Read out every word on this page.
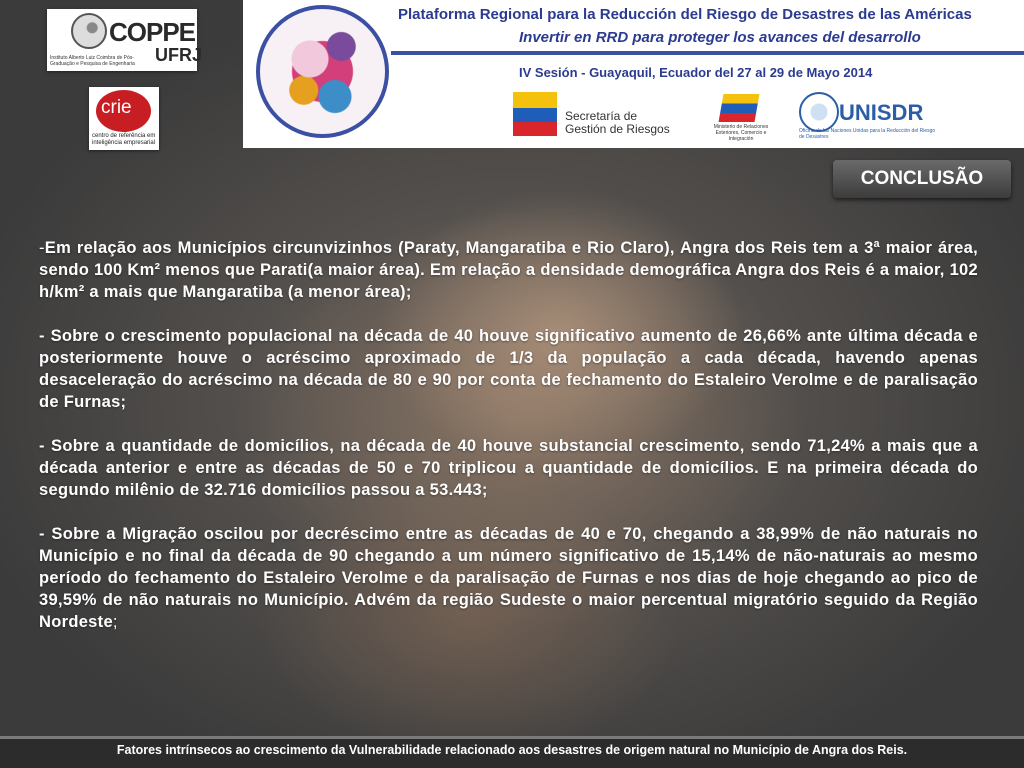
COPPE
UFRJ
Instituto Alberto Luiz Coimbra de Pós-Graduação e Pesquisa de Engenharia
crie
centro de referência em inteligência empresarial
Plataforma Regional para la Reducción del Riesgo de Desastres de las Américas
Invertir en RRD para proteger los avances del desarrollo
IV Sesión - Guayaquil, Ecuador del 27 al 29 de Mayo 2014
Secretaría de
Gestión de Riesgos	Ministerio de Relaciones Exteriores, Comercio e Integración
UNISDR
Oficina de las Naciones Unidas para la Reducción del Riesgo de Desastres
CONCLUSÃO

-Em relação aos Municípios circunvizinhos (Paraty, Mangaratiba e Rio Claro), Angra dos Reis tem a 3ª maior área, sendo 100 Km² menos que Parati(a maior área). Em relação a densidade demográfica Angra dos Reis é a maior, 102 h/km² a mais que Mangaratiba (a menor área);

- Sobre o crescimento populacional na década de 40 houve significativo aumento de 26,66% ante última década e posteriormente houve o acréscimo aproximado de 1/3 da população a cada década, havendo apenas desaceleração do acréscimo na década de 80 e 90 por conta de fechamento do Estaleiro Verolme e de paralisação de Furnas;

- Sobre a quantidade de domicílios, na década de 40 houve substancial crescimento, sendo 71,24% a mais que a década anterior e entre as décadas de 50 e 70 triplicou a quantidade de domicílios. E na primeira década do segundo milênio de 32.716 domicílios passou a 53.443;

- Sobre a Migração oscilou por decréscimo entre as décadas de 40 e 70, chegando a 38,99% de não naturais no Município e no final da década de 90 chegando a um número significativo de 15,14% de não-naturais ao mesmo período do fechamento do Estaleiro Verolme e da paralisação de Furnas e nos dias de hoje chegando ao pico de 39,59% de não naturais no Município. Advém da região Sudeste o maior percentual migratório seguido da Região Nordeste;

Fatores intrínsecos ao crescimento da Vulnerabilidade relacionado aos desastres de origem natural no Município de Angra dos Reis.
